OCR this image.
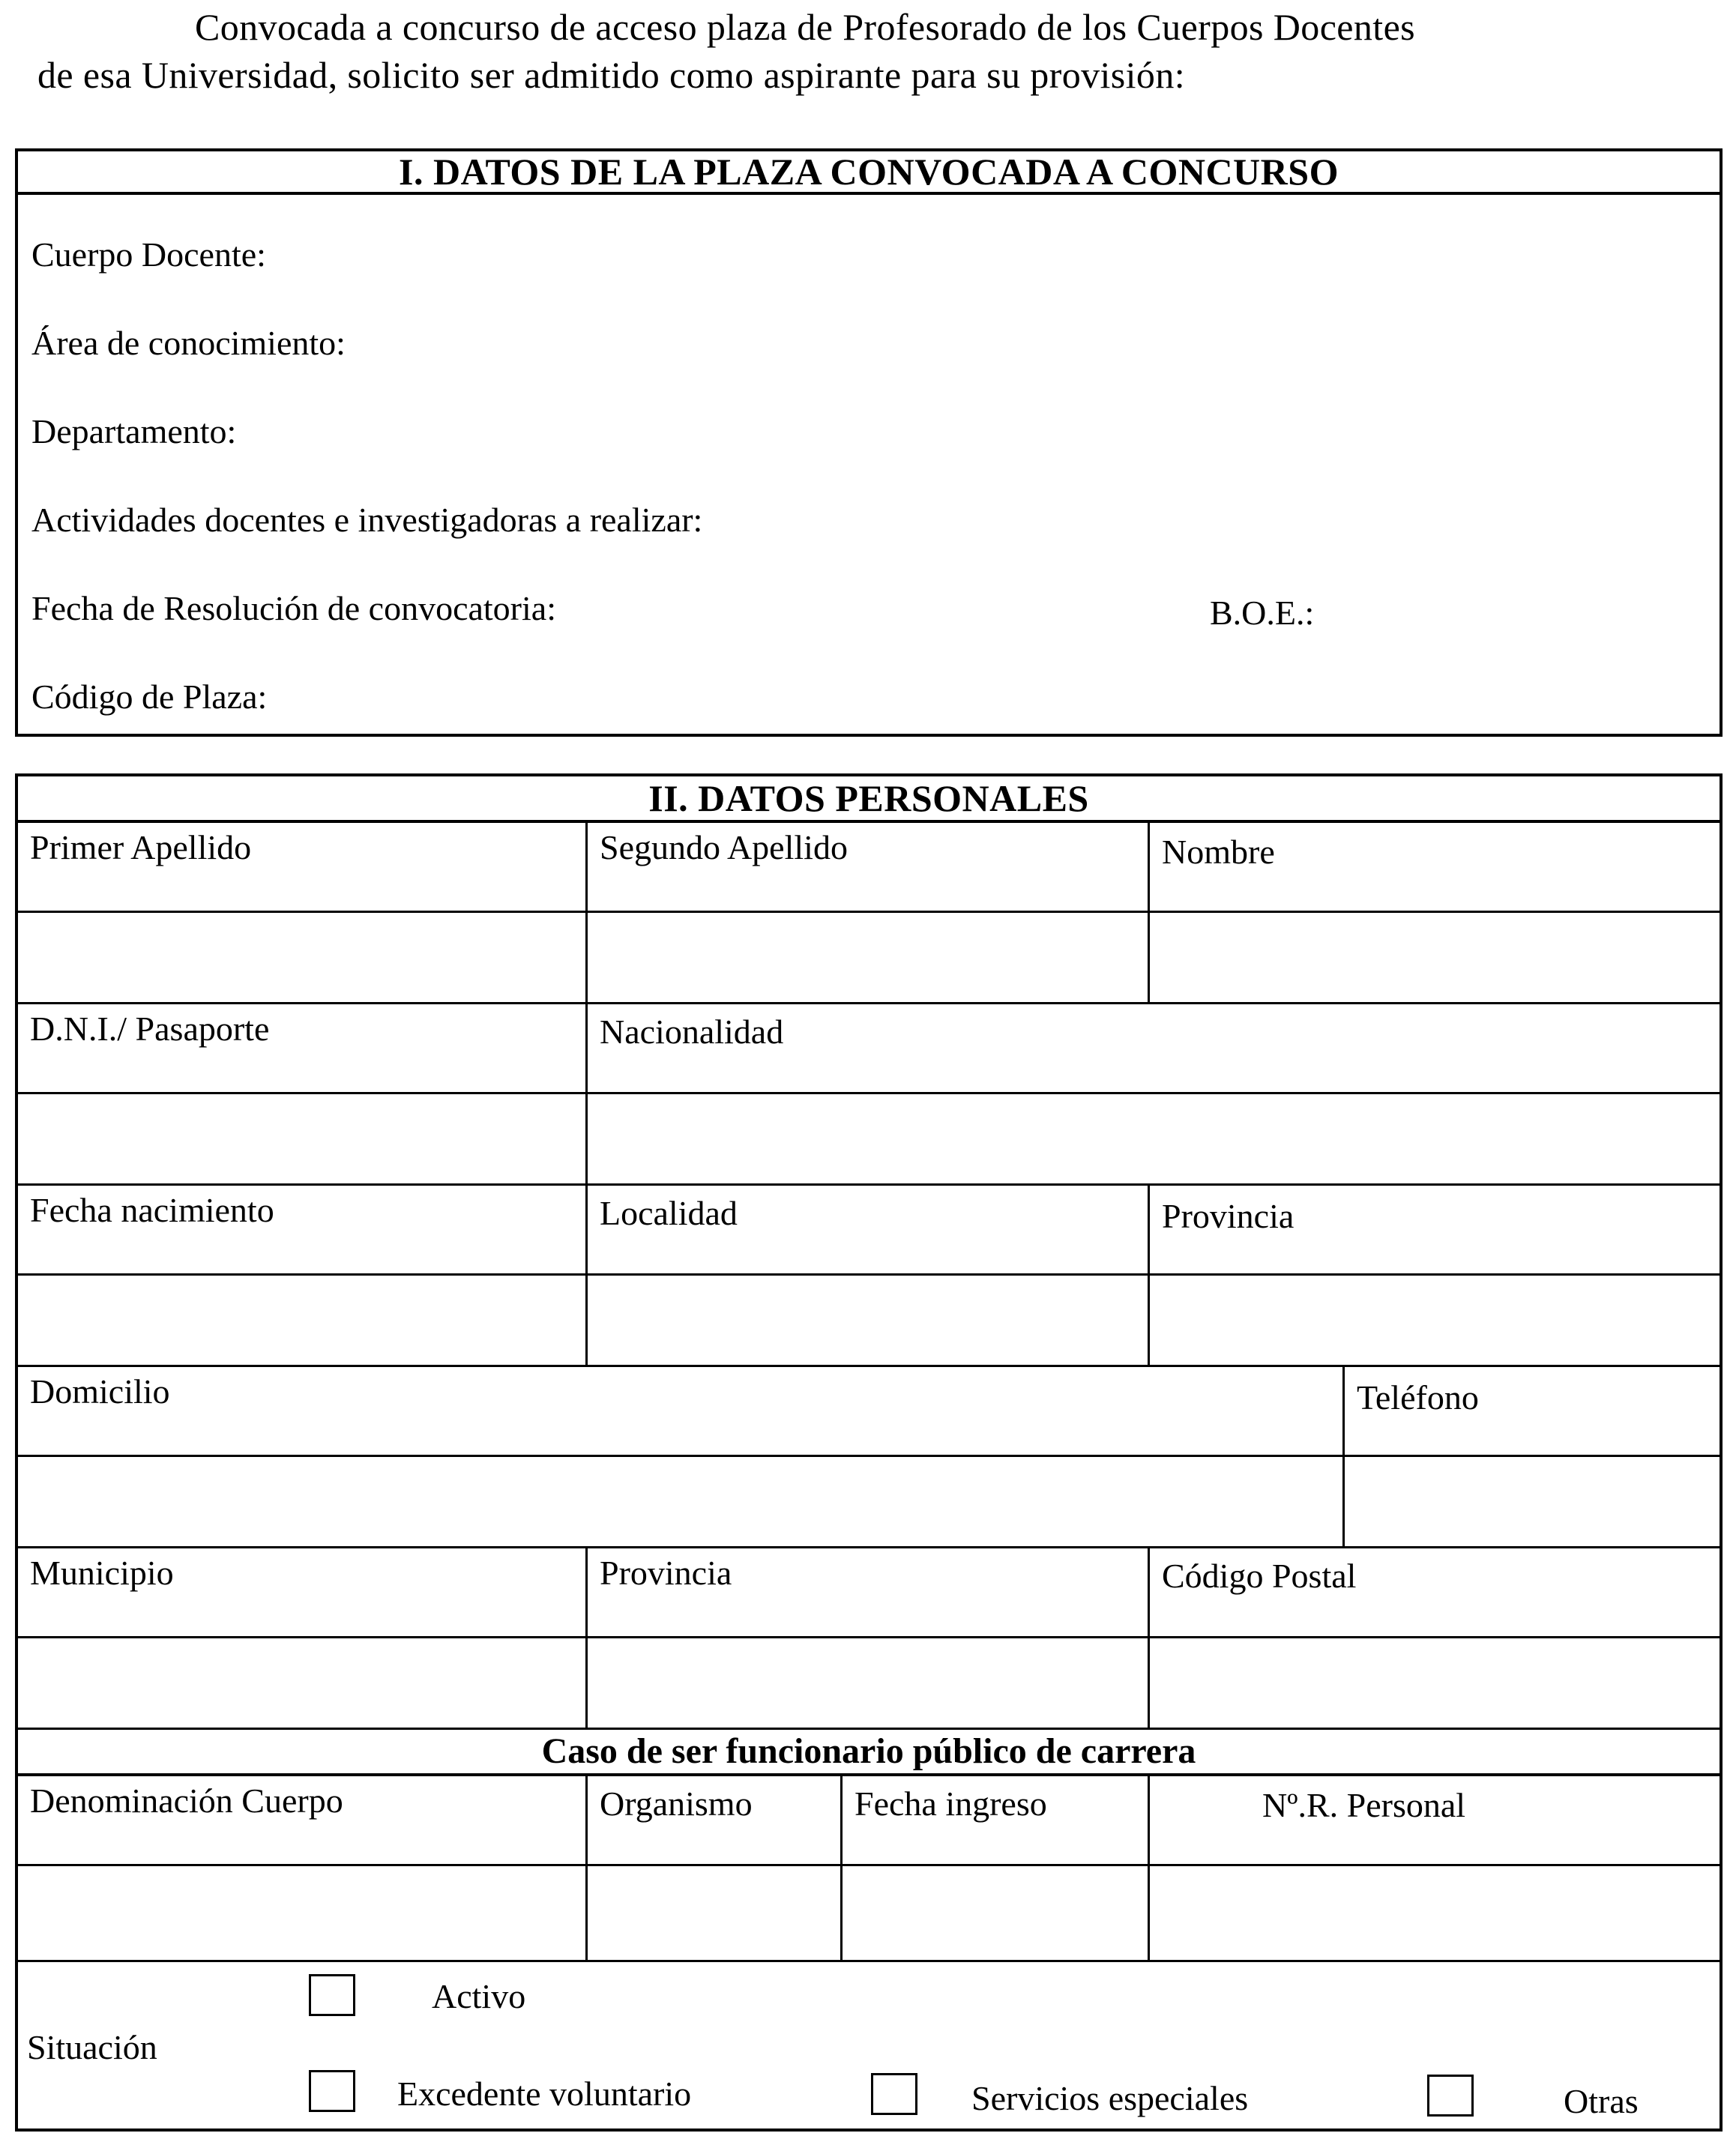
Convocada a concurso de acceso plaza de Profesorado de los Cuerpos Docentes
de esa Universidad, solicito ser admitido como aspirante para su provisión:
I. DATOS DE LA PLAZA CONVOCADA A CONCURSO
Cuerpo Docente:
Área de conocimiento:
Departamento:
Actividades docentes e investigadoras a realizar:
Fecha de Resolución de convocatoria:	B.O.E.:
Código de Plaza:
II. DATOS PERSONALES
Primer Apellido	Segundo Apellido	Nombre
D.N.I./ Pasaporte	Nacionalidad
Fecha nacimiento	Localidad	Provincia
Domicilio	Teléfono
Municipio	Provincia	Código Postal
Caso de ser funcionario público de carrera
Denominación Cuerpo	Organismo	Fecha ingreso	Nº.R. Personal
Situación
Activo
Excedente voluntario	Servicios especiales	Otras
